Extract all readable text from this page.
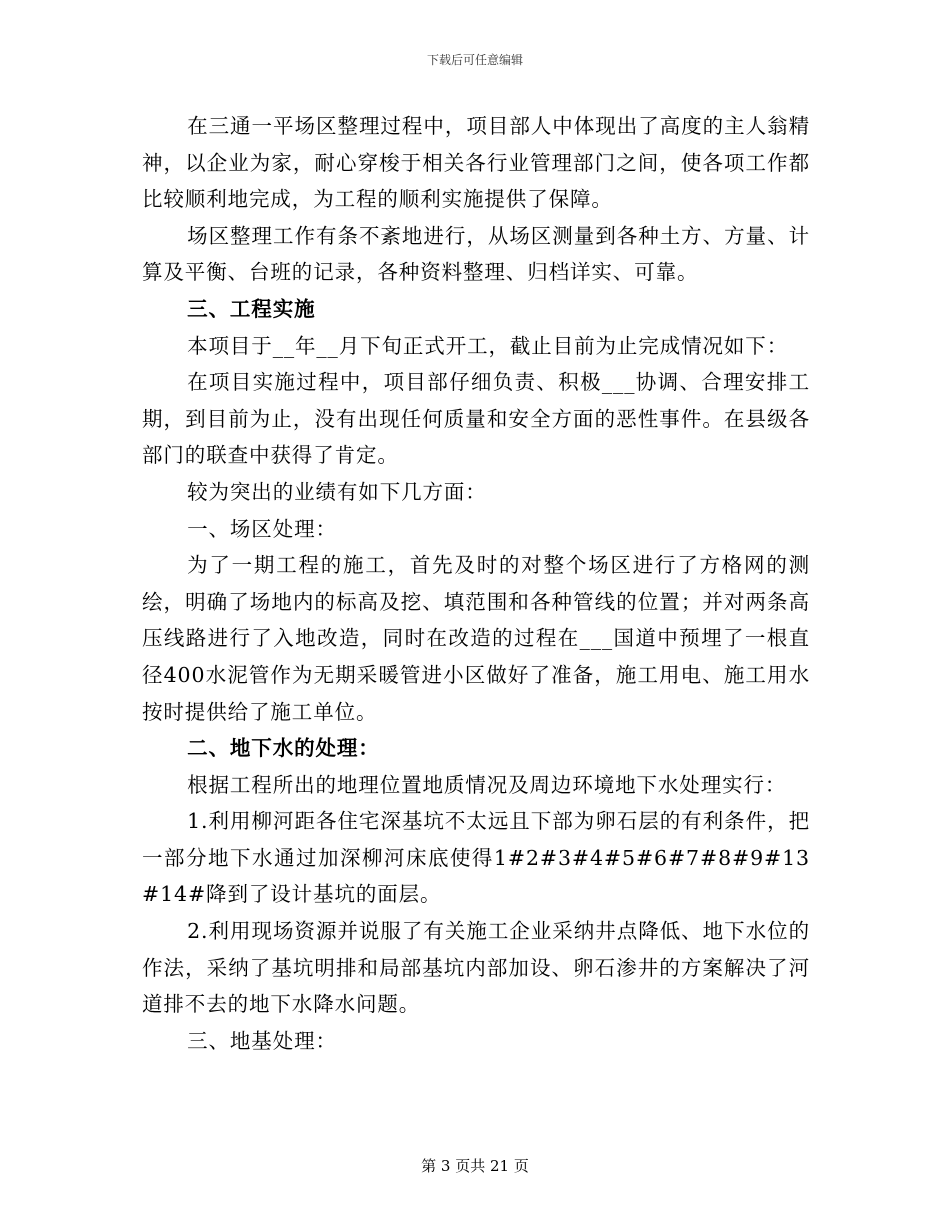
下载后可任意编辑

在三通一平场区整理过程中，项目部人中体现出了高度的主人翁精神，以企业为家，耐心穿梭于相关各行业管理部门之间，使各项工作都比较顺利地完成，为工程的顺利实施提供了保障。

场区整理工作有条不紊地进行，从场区测量到各种土方、方量、计算及平衡、台班的记录，各种资料整理、归档详实、可靠。

三、工程实施

本项目于__年__月下旬正式开工，截止目前为止完成情况如下：

在项目实施过程中，项目部仔细负责、积极___协调、合理安排工期，到目前为止，没有出现任何质量和安全方面的恶性事件。在县级各部门的联查中获得了肯定。

较为突出的业绩有如下几方面：

一、场区处理：

为了一期工程的施工，首先及时的对整个场区进行了方格网的测绘，明确了场地内的标高及挖、填范围和各种管线的位置；并对两条高压线路进行了入地改造，同时在改造的过程在___国道中预埋了一根直径400水泥管作为无期采暖管进小区做好了准备，施工用电、施工用水按时提供给了施工单位。

二、地下水的处理：

根据工程所出的地理位置地质情况及周边环境地下水处理实行：

1.利用柳河距各住宅深基坑不太远且下部为卵石层的有利条件，把一部分地下水通过加深柳河床底使得1#2#3#4#5#6#7#8#9#13#14#降到了设计基坑的面层。

2.利用现场资源并说服了有关施工企业采纳井点降低、地下水位的作法，采纳了基坑明排和局部基坑内部加设、卵石渗井的方案解决了河道排不去的地下水降水问题。

三、地基处理：

第 3 页共 21 页
